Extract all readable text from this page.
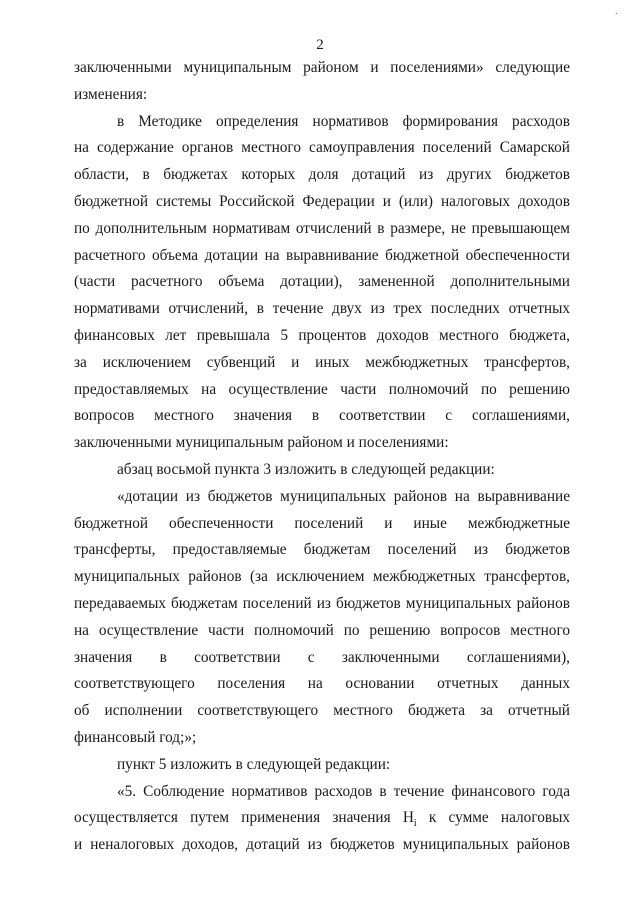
·
2
заключенными муниципальным районом и поселениями» следующие
изменения:
в Методике определения нормативов формирования расходов
на содержание органов местного самоуправления поселений Самарской
области, в бюджетах которых доля дотаций из других бюджетов
бюджетной системы Российской Федерации и (или) налоговых доходов
по дополнительным нормативам отчислений в размере, не превышающем
расчетного объема дотации на выравнивание бюджетной обеспеченности
(части расчетного объема дотации), замененной дополнительными
нормативами отчислений, в течение двух из трех последних отчетных
финансовых лет превышала 5 процентов доходов местного бюджета,
за исключением субвенций и иных межбюджетных трансфертов,
предоставляемых на осуществление части полномочий по решению
вопросов местного значения в соответствии с соглашениями,
заключенными муниципальным районом и поселениями:
абзац восьмой пункта 3 изложить в следующей редакции:
«дотации из бюджетов муниципальных районов на выравнивание
бюджетной обеспеченности поселений и иные межбюджетные
трансферты, предоставляемые бюджетам поселений из бюджетов
муниципальных районов (за исключением межбюджетных трансфертов,
передаваемых бюджетам поселений из бюджетов муниципальных районов
на осуществление части полномочий по решению вопросов местного
значения в соответствии с заключенными соглашениями),
соответствующего поселения на основании отчетных данных
об исполнении соответствующего местного бюджета за отчетный
финансовый год;»;
пункт 5 изложить в следующей редакции:
«5. Соблюдение нормативов расходов в течение финансового года
осуществляется путем применения значения $Н_i$ к сумме налоговых
и неналоговых доходов, дотаций из бюджетов муниципальных районов
